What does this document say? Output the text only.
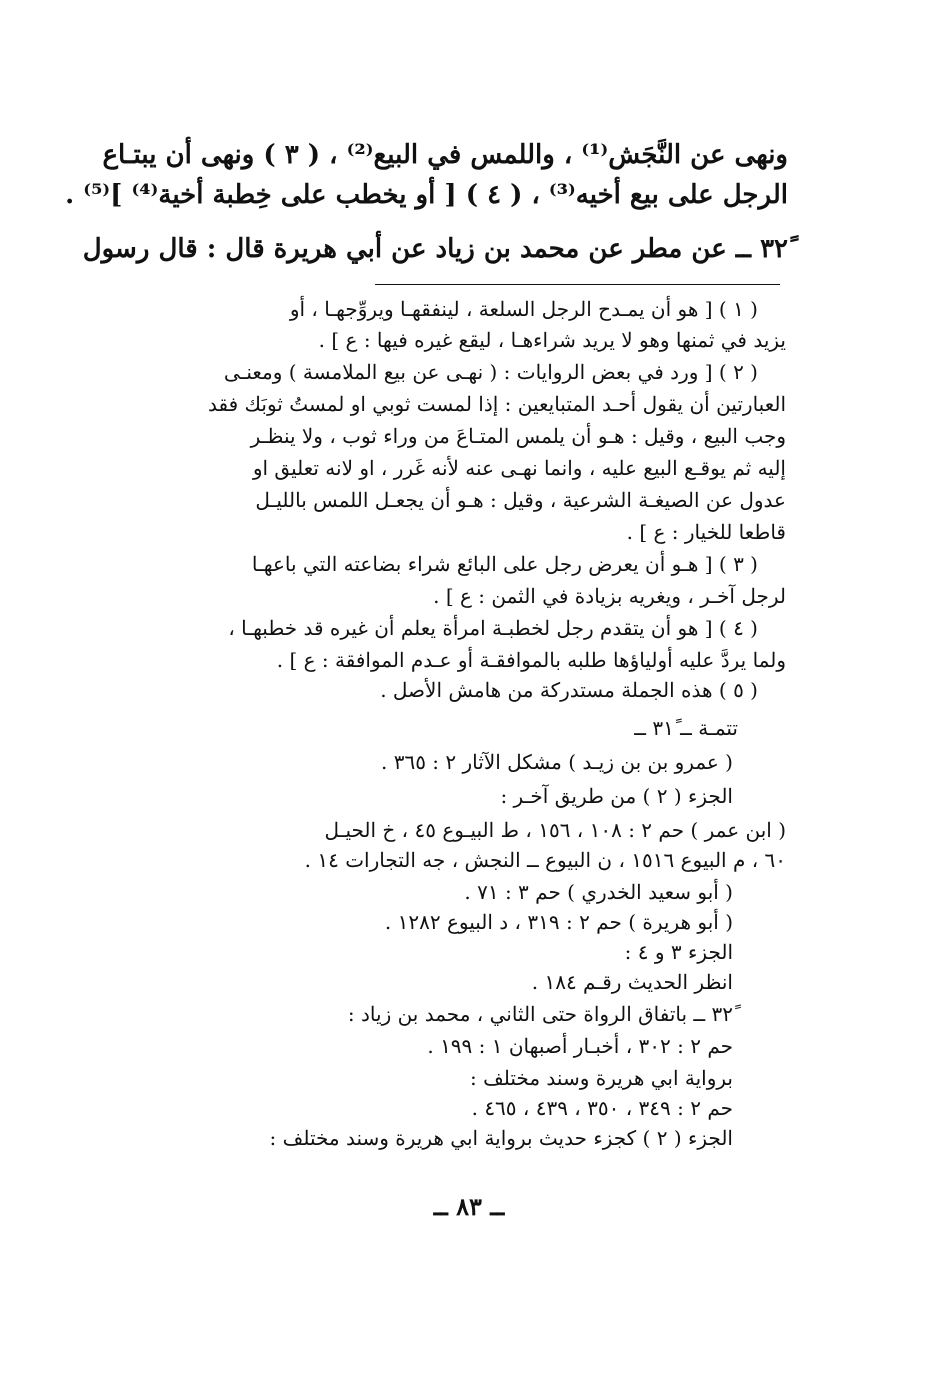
ونهى عن النَّجَش⁽¹⁾ ، واللمس في البيع⁽²⁾ ، ( ٣ ) ونهى أن يبتـاع
الرجل على بيع أخيه⁽³⁾ ، ( ٤ ) [ أو يخطب على خِطبة أخية⁽⁴⁾ ]⁽⁵⁾ .
٣٢ً ــ عن مطر عن محمد بن زياد عن أبي هريرة قال : قال رسول
( ١ ) [ هو أن يمـدح الرجل السلعة ، لينفقهـا ويروِّجهـا ، أو
يزيد في ثمنها وهو لا يريد شراءهـا ، ليقع غيره فيها : ع ] .
( ٢ ) [ ورد في بعض الروايات : ( نهـى عن بيع الملامسة ) ومعنـى
العبارتين أن يقول أحـد المتبايعين : إذا لمست ثوبي او لمستُ ثوبَك فقد
وجب البيع ، وقيل : هـو أن يلمس المتـاعَ من وراء ثوب ، ولا ينظـر
إليه ثم يوقـع البيع عليه ، وانما نهـى عنه لأنه غَرر ، او لانه تعليق او
عدول عن الصيغـة الشرعية ، وقيل : هـو أن يجعـل اللمس بالليـل
قاطعا للخيار : ع ] .
( ٣ ) [ هـو أن يعرض رجل على البائع شراء بضاعته التي باعهـا
لرجل آخـر ، ويغريه بزيادة في الثمن : ع ] .
( ٤ ) [ هو أن يتقدم رجل لخطبـة امرأة يعلم أن غيره قد خطبهـا ،
ولما يردَّ عليه أولياؤها طلبه بالموافقـة أو عـدم الموافقة : ع ] .
( ٥ ) هذه الجملة مستدركة من هامش الأصل .
تتمـة ــ ٣١ً ــ
( عمرو بن بن زيـد ) مشكل الآثار ٢ : ٣٦٥ .
الجزء ( ٢ ) من طريق آخـر :
( ابن عمر ) حم ٢ : ١٠٨ ، ١٥٦ ، ط البيـوع ٤٥ ، خ الحيـل
٦٠ ، م البيوع ١٥١٦ ، ن البيوع ــ النجش ، جه التجارات ١٤ .
( أبو سعيد الخدري ) حم ٣ : ٧١ .
( أبو هريرة ) حم ٢ : ٣١٩ ، د البيوع ١٢٨٢ .
الجزء ٣ و ٤ :
انظر الحديث رقـم ١٨٤ .
٣٢ً ــ باتفاق الرواة حتى الثاني ، محمد بن زياد :
حم ٢ : ٣٠٢ ، أخبـار أصبهان ١ : ١٩٩ .
برواية ابي هريرة وسند مختلف :
حم ٢ : ٣٤٩ ، ٣٥٠ ، ٤٣٩ ، ٤٦٥ .
الجزء ( ٢ ) كجزء حديث برواية ابي هريرة وسند مختلف :
ــ ٨٣ ــ
